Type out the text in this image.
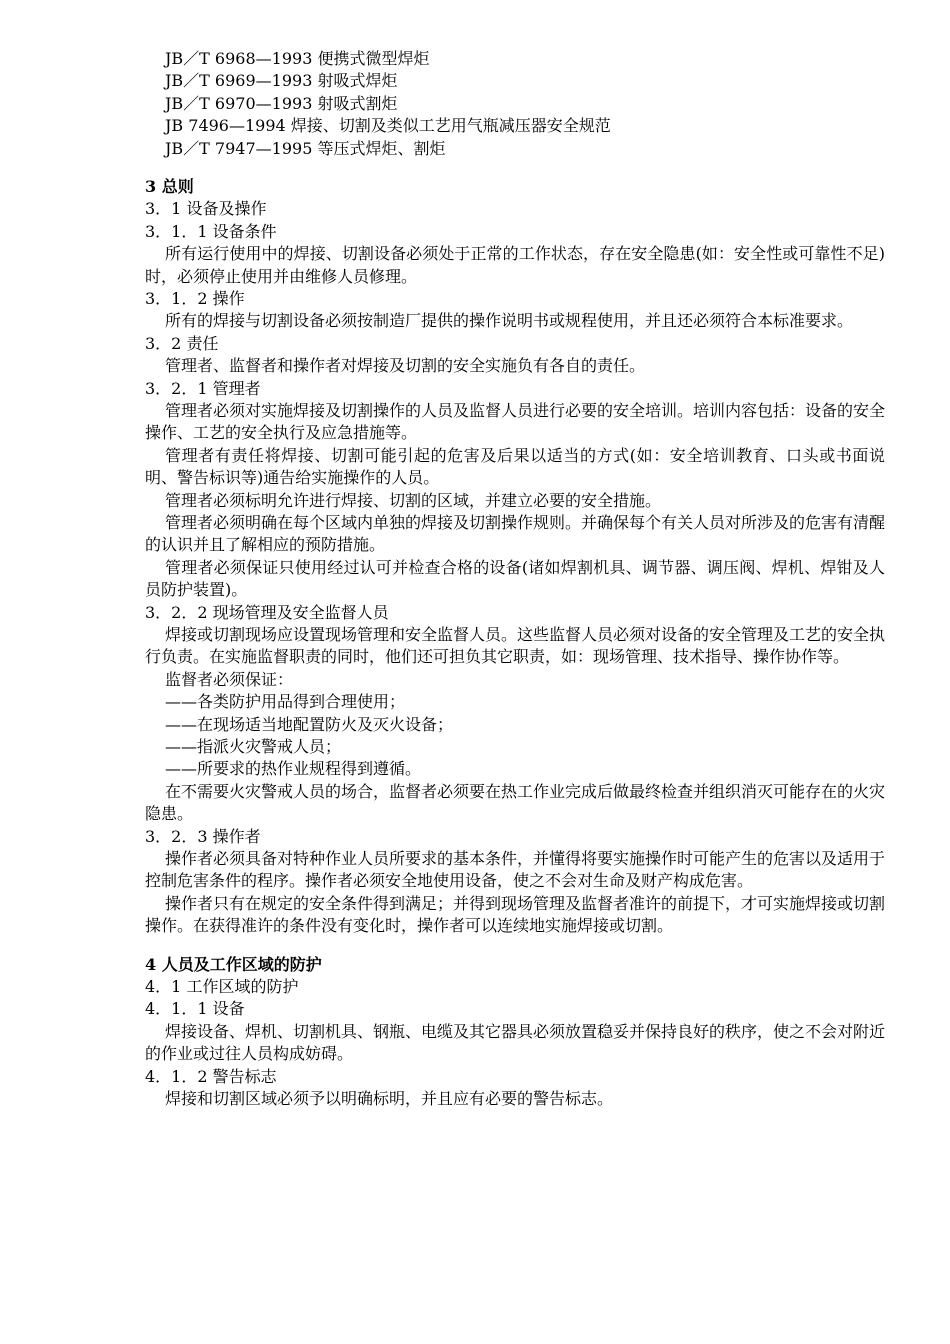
JB／T 6968—1993 便携式微型焊炬
JB／T 6969—1993 射吸式焊炬
JB／T 6970—1993 射吸式割炬
JB 7496—1994 焊接、切割及类似工艺用气瓶减压器安全规范
JB／T 7947—1995 等压式焊炬、割炬
3 总则
3．1 设备及操作
3．1．1 设备条件
所有运行使用中的焊接、切割设备必须处于正常的工作状态，存在安全隐患(如：安全性或可靠性不足)时，必须停止使用并由维修人员修理。
3．1．2 操作
所有的焊接与切割设备必须按制造厂提供的操作说明书或规程使用，并且还必须符合本标准要求。
3．2 责任
管理者、监督者和操作者对焊接及切割的安全实施负有各自的责任。
3．2．1 管理者
管理者必须对实施焊接及切割操作的人员及监督人员进行必要的安全培训。培训内容包括：设备的安全操作、工艺的安全执行及应急措施等。
管理者有责任将焊接、切割可能引起的危害及后果以适当的方式(如：安全培训教育、口头或书面说明、警告标识等)通告给实施操作的人员。
管理者必须标明允许进行焊接、切割的区域，并建立必要的安全措施。
管理者必须明确在每个区域内单独的焊接及切割操作规则。并确保每个有关人员对所涉及的危害有清醒的认识并且了解相应的预防措施。
管理者必须保证只使用经过认可并检查合格的设备(诸如焊割机具、调节器、调压阀、焊机、焊钳及人员防护装置)。
3．2．2 现场管理及安全监督人员
焊接或切割现场应设置现场管理和安全监督人员。这些监督人员必须对设备的安全管理及工艺的安全执行负责。在实施监督职责的同时，他们还可担负其它职责，如：现场管理、技术指导、操作协作等。
监督者必须保证：
——各类防护用品得到合理使用；
——在现场适当地配置防火及灭火设备；
——指派火灾警戒人员；
——所要求的热作业规程得到遵循。
在不需要火灾警戒人员的场合，监督者必须要在热工作业完成后做最终检查并组织消灭可能存在的火灾隐患。
3．2．3 操作者
操作者必须具备对特种作业人员所要求的基本条件，并懂得将要实施操作时可能产生的危害以及适用于控制危害条件的程序。操作者必须安全地使用设备，使之不会对生命及财产构成危害。
操作者只有在规定的安全条件得到满足；并得到现场管理及监督者准许的前提下，才可实施焊接或切割操作。在获得准许的条件没有变化时，操作者可以连续地实施焊接或切割。
4 人员及工作区域的防护
4．1 工作区域的防护
4．1．1 设备
焊接设备、焊机、切割机具、钢瓶、电缆及其它器具必须放置稳妥并保持良好的秩序，使之不会对附近的作业或过往人员构成妨碍。
4．1．2 警告标志
焊接和切割区域必须予以明确标明，并且应有必要的警告标志。
